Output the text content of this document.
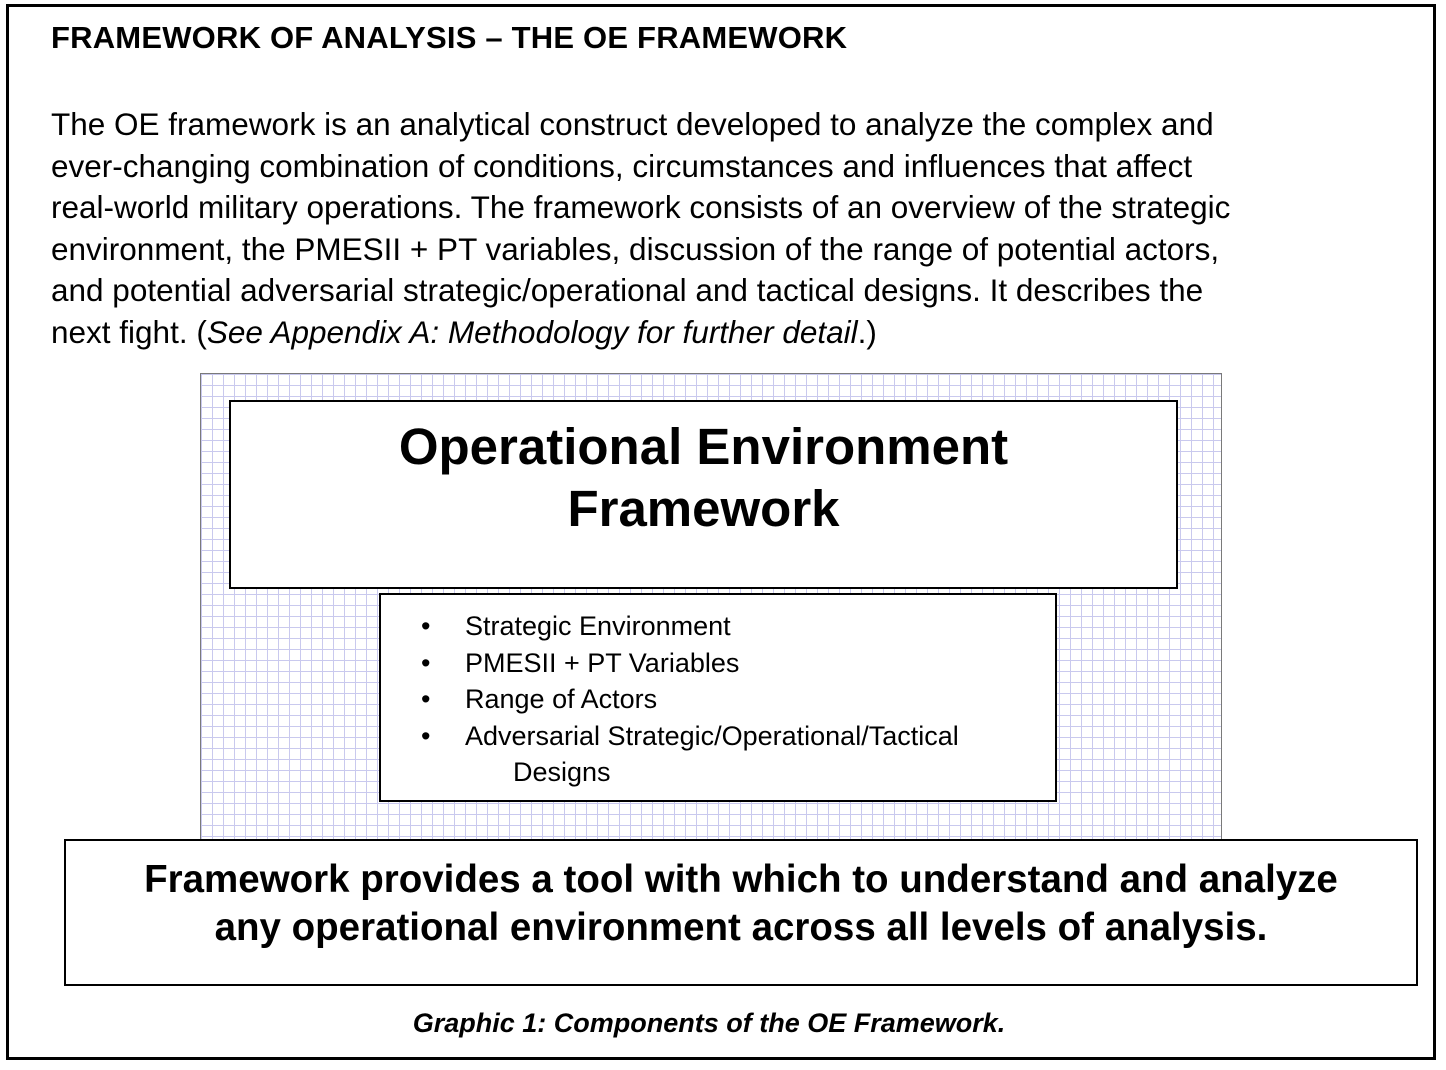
FRAMEWORK OF ANALYSIS – THE OE FRAMEWORK

The OE framework is an analytical construct developed to analyze the complex and
ever-changing combination of conditions, circumstances and influences that affect
real-world military operations. The framework consists of an overview of the strategic
environment, the PMESII + PT variables, discussion of the range of potential actors,
and potential adversarial strategic/operational and tactical designs. It describes the
next fight. (See Appendix A: Methodology for further detail.)

Operational Environment
Framework
• Strategic Environment
• PMESII + PT Variables
• Range of Actors
• Adversarial Strategic/Operational/Tactical
Designs
Framework provides a tool with which to understand and analyze
any operational environment across all levels of analysis.
Graphic 1: Components of the OE Framework.
